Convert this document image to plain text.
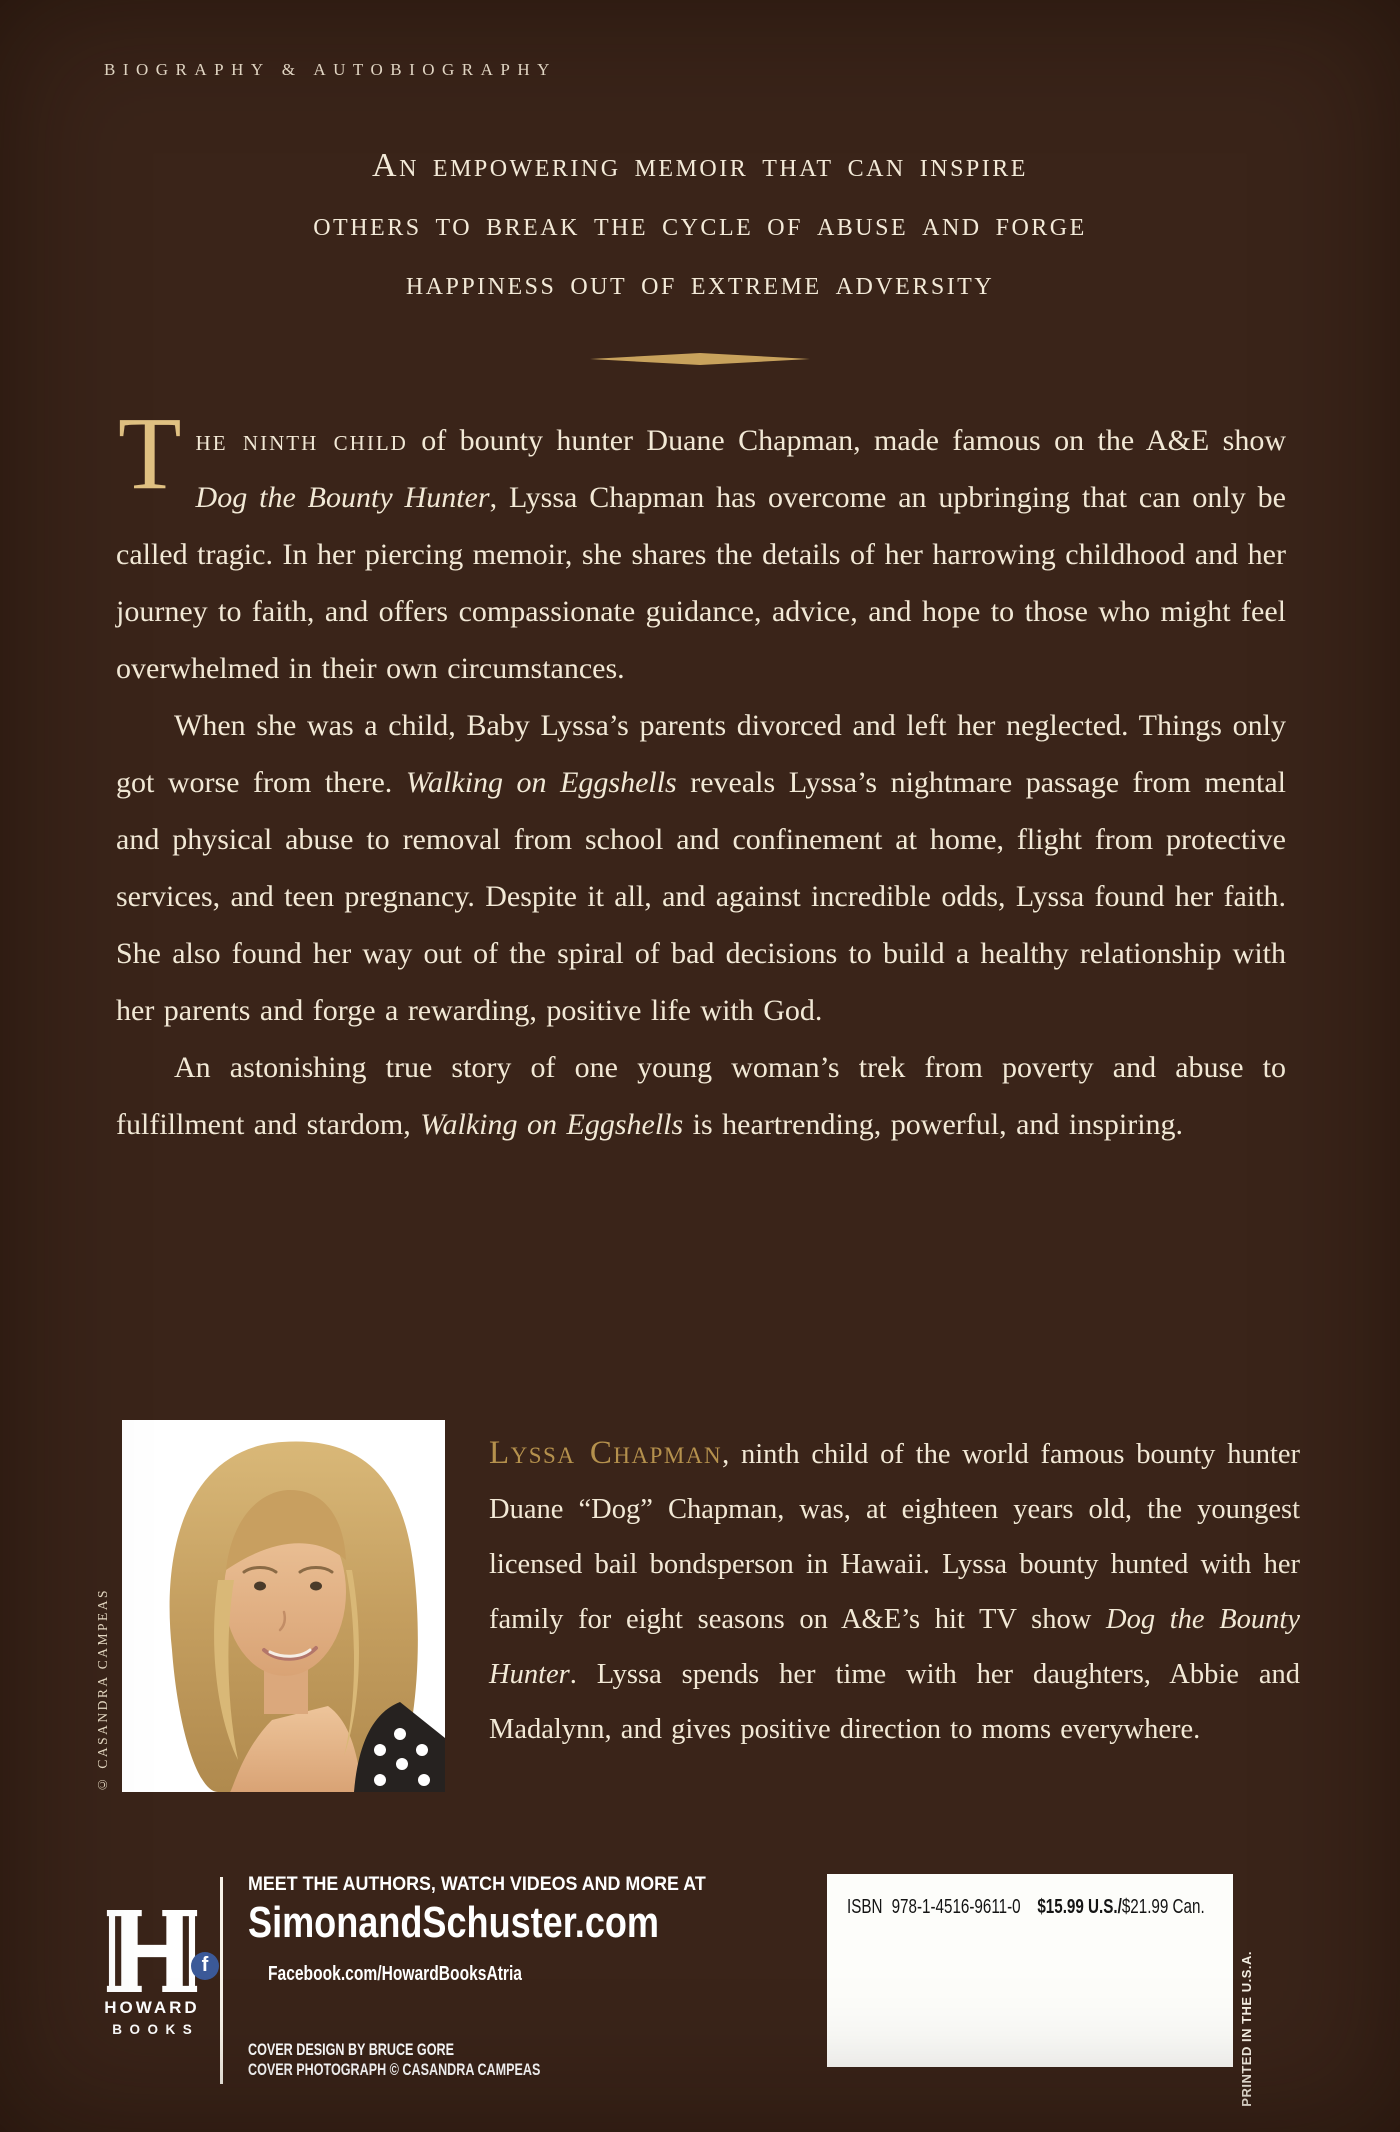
BIOGRAPHY & AUTOBIOGRAPHY
An empowering memoir that can inspire
others to break the cycle of abuse and forge
happiness out of extreme adversity

The ninth child of bounty hunter Duane Chapman, made famous on the A&E show Dog the Bounty Hunter, Lyssa Chapman has overcome an upbringing that can only be called tragic. In her piercing memoir, she shares the details of her harrowing childhood and her journey to faith, and offers compassionate guidance, advice, and hope to those who might feel overwhelmed in their own circumstances.

When she was a child, Baby Lyssa’s parents divorced and left her neglected. Things only got worse from there. Walking on Eggshells reveals Lyssa’s nightmare passage from mental and physical abuse to removal from school and confinement at home, flight from protective services, and teen pregnancy. Despite it all, and against incredible odds, Lyssa found her faith. She also found her way out of the spiral of bad decisions to build a healthy relationship with her parents and forge a rewarding, positive life with God.

An astonishing true story of one young woman’s trek from poverty and abuse to fulfillment and stardom, Walking on Eggshells is heartrending, powerful, and inspiring.

© CASANDRA CAMPEAS

Lyssa Chapman, ninth child of the world famous bounty hunter Duane “Dog” Chapman, was, at eighteen years old, the youngest licensed bail bondsperson in Hawaii. Lyssa bounty hunted with her family for eight seasons on A&E’s hit TV show Dog the Bounty Hunter. Lyssa spends her time with her daughters, Abbie and Madalynn, and gives positive direction to moms everywhere.

HOWARD
BOOKS
f
MEET THE AUTHORS, WATCH VIDEOS AND MORE AT
SimonandSchuster.com
Facebook.com/HowardBooksAtria
COVER DESIGN BY BRUCE GORE
COVER PHOTOGRAPH © CASANDRA CAMPEAS
ISBN 978-1-4516-9611-0 $15.99 U.S./$21.99 Can.
PRINTED IN THE U.S.A.
